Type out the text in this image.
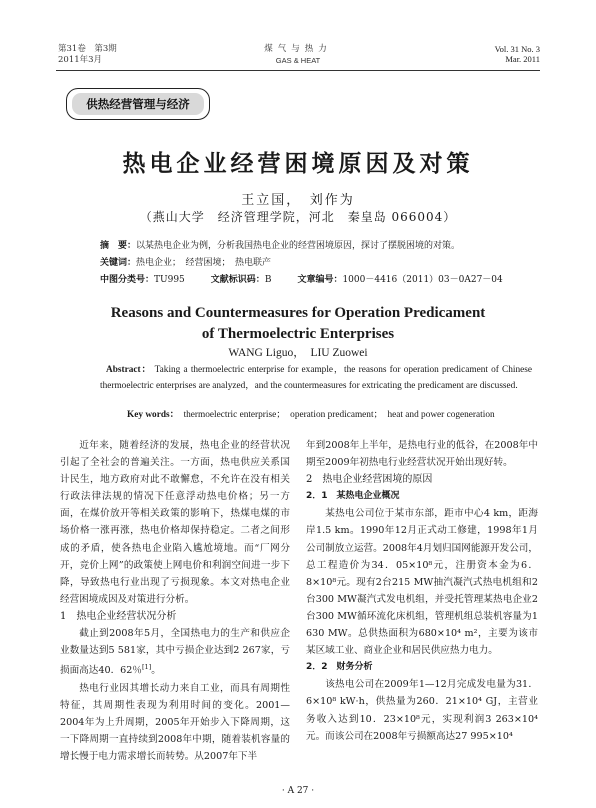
第31卷　第3期
2011年3月
煤气与热力
GAS & HEAT
Vol. 31 No. 3
Mar. 2011
供热经营管理与经济
热电企业经营困境原因及对策
王立国，　刘作为
（燕山大学　经济管理学院，河北　秦皇岛 066004）
摘　要：以某热电企业为例，分析我国热电企业的经营困境原因，探讨了摆脱困境的对策。
关键词：热电企业；　经营困境；　热电联产
中图分类号：TU995	文献标识码：B	文章编号：1000－4416（2011）03－0A27－04
Reasons and Countermeasures for Operation Predicament
of Thermoelectric Enterprises
WANG Liguo，　LIU Zuowei
Abstract： Taking a thermoelectric enterprise for example，the reasons for operation predicament of Chinese thermoelectric enterprises are analyzed，and the countermeasures for extricating the predicament are discussed.
Key words：　thermoelectric enterprise；　operation predicament；　heat and power cogeneration

近年来，随着经济的发展，热电企业的经营状况引起了全社会的普遍关注。一方面，热电供应关系国计民生，地方政府对此不敢懈怠，不允许在没有相关行政法律法规的情况下任意浮动热电价格；另一方面，在煤价放开等相关政策的影响下，热煤电煤的市场价格一涨再涨，热电价格却保持稳定。二者之间形成的矛盾，使各热电企业陷入尴尬境地。而“厂网分开，竞价上网”的政策使上网电价和利润空间进一步下降，导致热电行业出现了亏损现象。本文对热电企业经营困境成因及对策进行分析。

1　热电企业经营状况分析

截止到2008年5月，全国热电力的生产和供应企业数量达到5 581家，其中亏损企业达到2 267家，亏损面高达40．62％[1]。

热电行业因其增长动力来自工业，而具有周期性特征，其周期性表现为利用时间的变化。2001—2004年为上升周期，2005年开始步入下降周期，这一下降周期一直持续到2008年中期，随着装机容量的增长慢于电力需求增长而转势。从2007年下半

年到2008年上半年，是热电行业的低谷，在2008年中期至2009年初热电行业经营状况开始出现好转。

2　热电企业经营困境的原因

2．1　某热电企业概况

某热电公司位于某市东部，距市中心4 km，距海岸1.5 km。1990年12月正式动工修建，1998年1月公司制放立运营。2008年4月划归国网能源开发公司，总工程造价为34．05×10⁸元，注册资本金为6．8×10⁸元。现有2台215 MW抽汽凝汽式热电机组和2台300 MW凝汽式发电机组，并受托管理某热电企业2台300 MW循环流化床机组，管理机组总装机容量为1 630 MW。总供热面积为680×10⁴ m²，主要为该市某区域工业、商业企业和居民供应热力电力。

2．2　财务分析

该热电公司在2009年1—12月完成发电量为31．6×10⁸ kW·h，供热量为260．21×10⁴ GJ，主营业务收入达到10．23×10⁸元，实现利润3 263×10⁴元。而该公司在2008年亏损额高达27 995×10⁴

· A 27 ·
